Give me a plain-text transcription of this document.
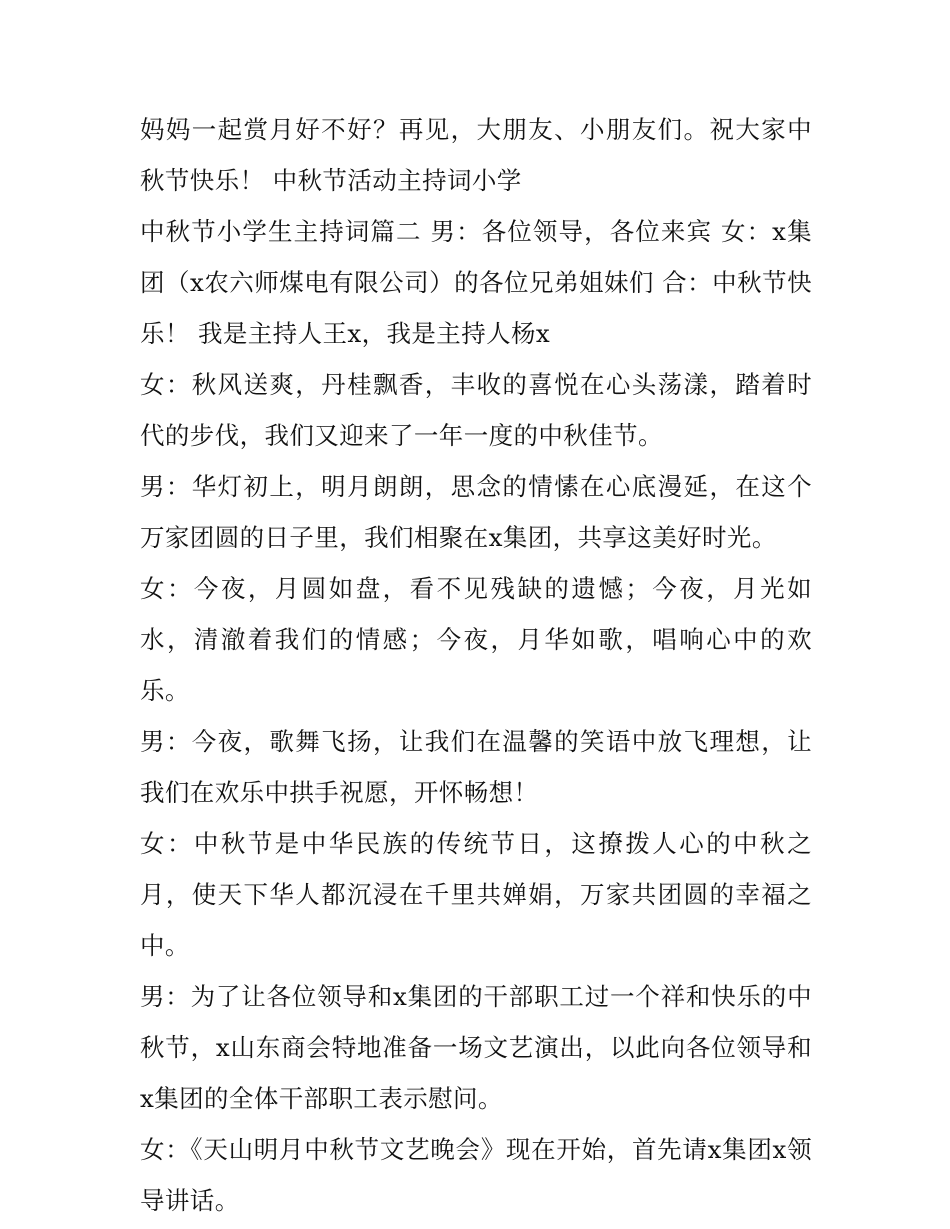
妈妈一起赏月好不好？再见，大朋友、小朋友们。祝大家中秋节快乐！ 中秋节活动主持词小学

中秋节小学生主持词篇二 男：各位领导，各位来宾 女：x集团（x农六师煤电有限公司）的各位兄弟姐妹们 合：中秋节快乐！ 我是主持人王x，我是主持人杨x

女：秋风送爽，丹桂飘香，丰收的喜悦在心头荡漾，踏着时代的步伐，我们又迎来了一年一度的中秋佳节。

男：华灯初上，明月朗朗，思念的情愫在心底漫延，在这个万家团圆的日子里，我们相聚在x集团，共享这美好时光。

女：今夜，月圆如盘，看不见残缺的遗憾；今夜，月光如水，清澈着我们的情感；今夜，月华如歌，唱响心中的欢乐。

男：今夜，歌舞飞扬，让我们在温馨的笑语中放飞理想，让我们在欢乐中拱手祝愿，开怀畅想！

女：中秋节是中华民族的传统节日，这撩拨人心的中秋之月，使天下华人都沉浸在千里共婵娟，万家共团圆的幸福之中。

男：为了让各位领导和x集团的干部职工过一个祥和快乐的中秋节，x山东商会特地准备一场文艺演出，以此向各位领导和x集团的全体干部职工表示慰问。

女：《天山明月中秋节文艺晚会》现在开始，首先请x集团x领导讲话。
